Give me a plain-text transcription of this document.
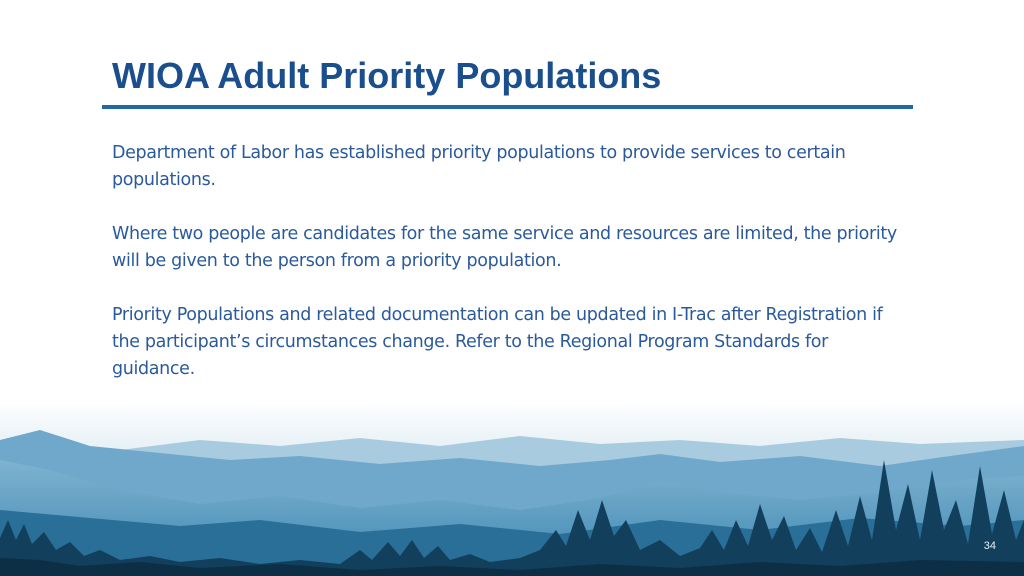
WIOA Adult Priority Populations

Department of Labor has established priority populations to provide services to certain populations.

Where two people are candidates for the same service and resources are limited, the priority will be given to the person from a priority population.

Priority Populations and related documentation can be updated in I-Trac after Registration if the participant’s circumstances change. Refer to the Regional Program Standards for guidance.

34
